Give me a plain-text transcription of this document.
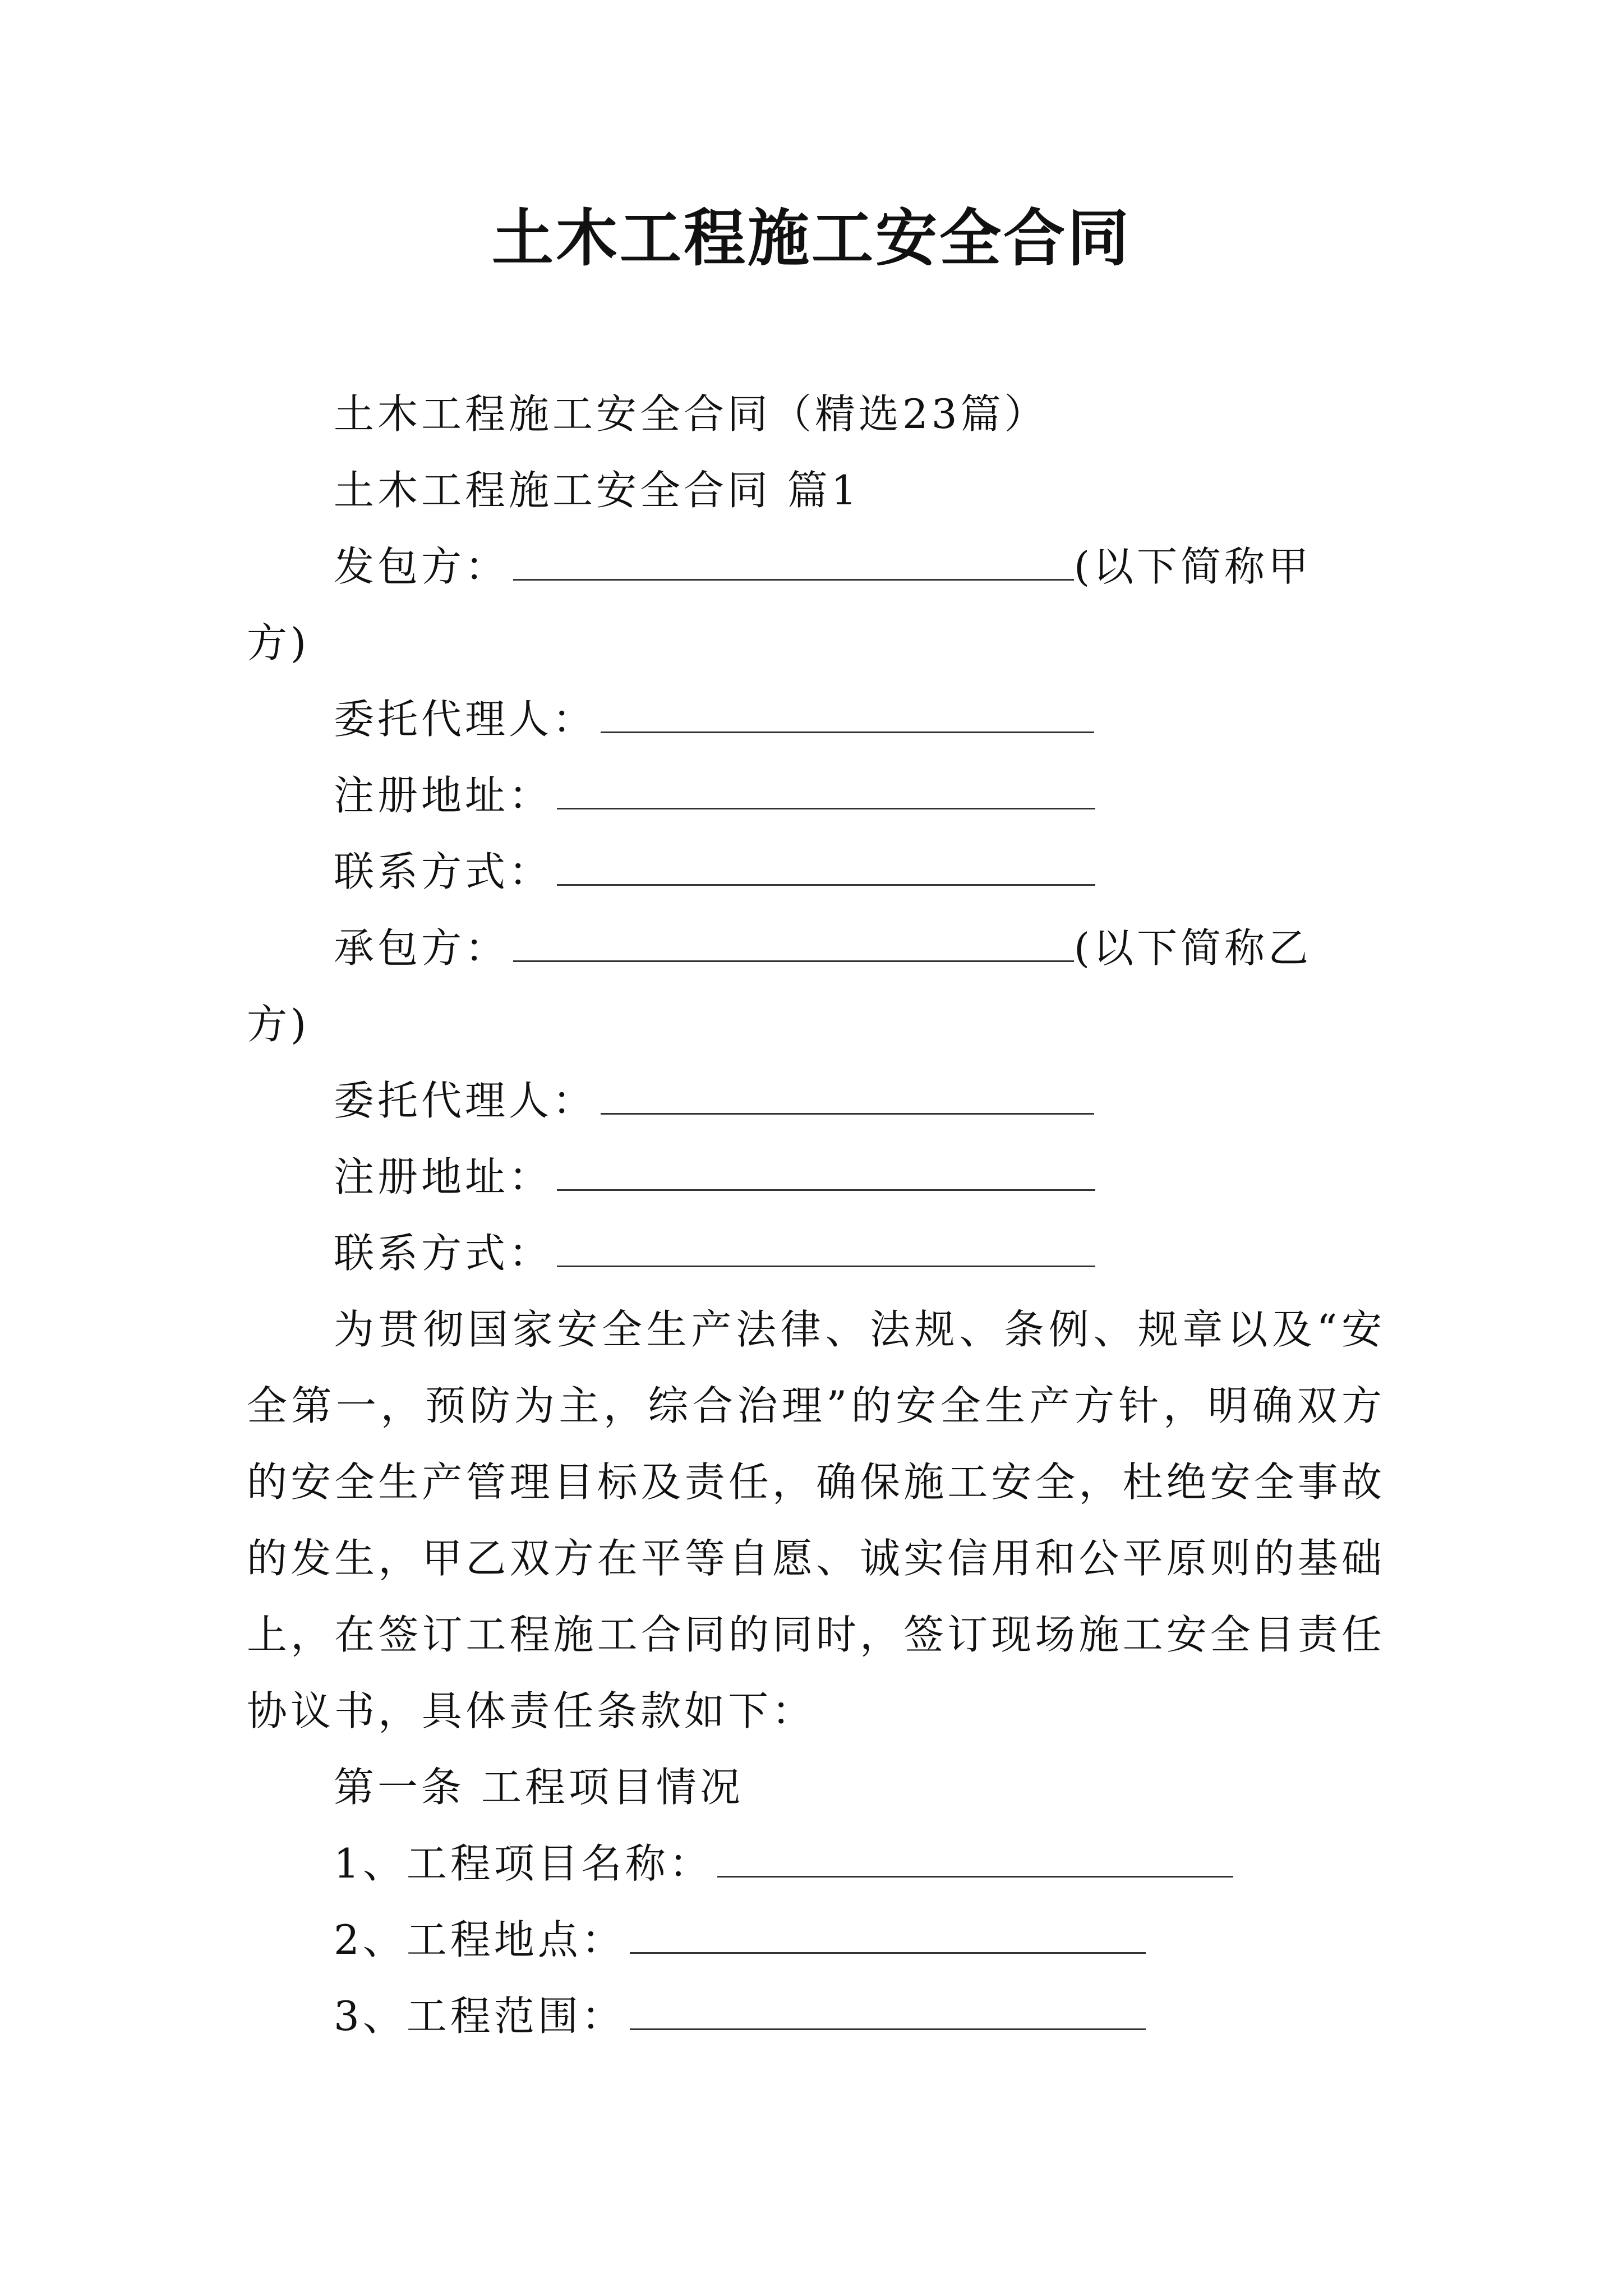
土木工程施工安全合同
土木工程施工安全合同（精选23篇）
土木工程施工安全合同 篇1
发包方：	(以下简称甲
方)
委托代理人：
注册地址：
联系方式：
承包方：	(以下简称乙
方)
委托代理人：
注册地址：
联系方式：
为贯彻国家安全生产法律、法规、条例、规章以及“安全第一，预防为主，综合治理”的安全生产方针，明确双方的安全生产管理目标及责任，确保施工安全，杜绝安全事故的发生，甲乙双方在平等自愿、诚实信用和公平原则的基础上，在签订工程施工合同的同时，签订现场施工安全目责任协议书，具体责任条款如下：
第一条 工程项目情况
1、工程项目名称：
2、工程地点：
3、工程范围：
